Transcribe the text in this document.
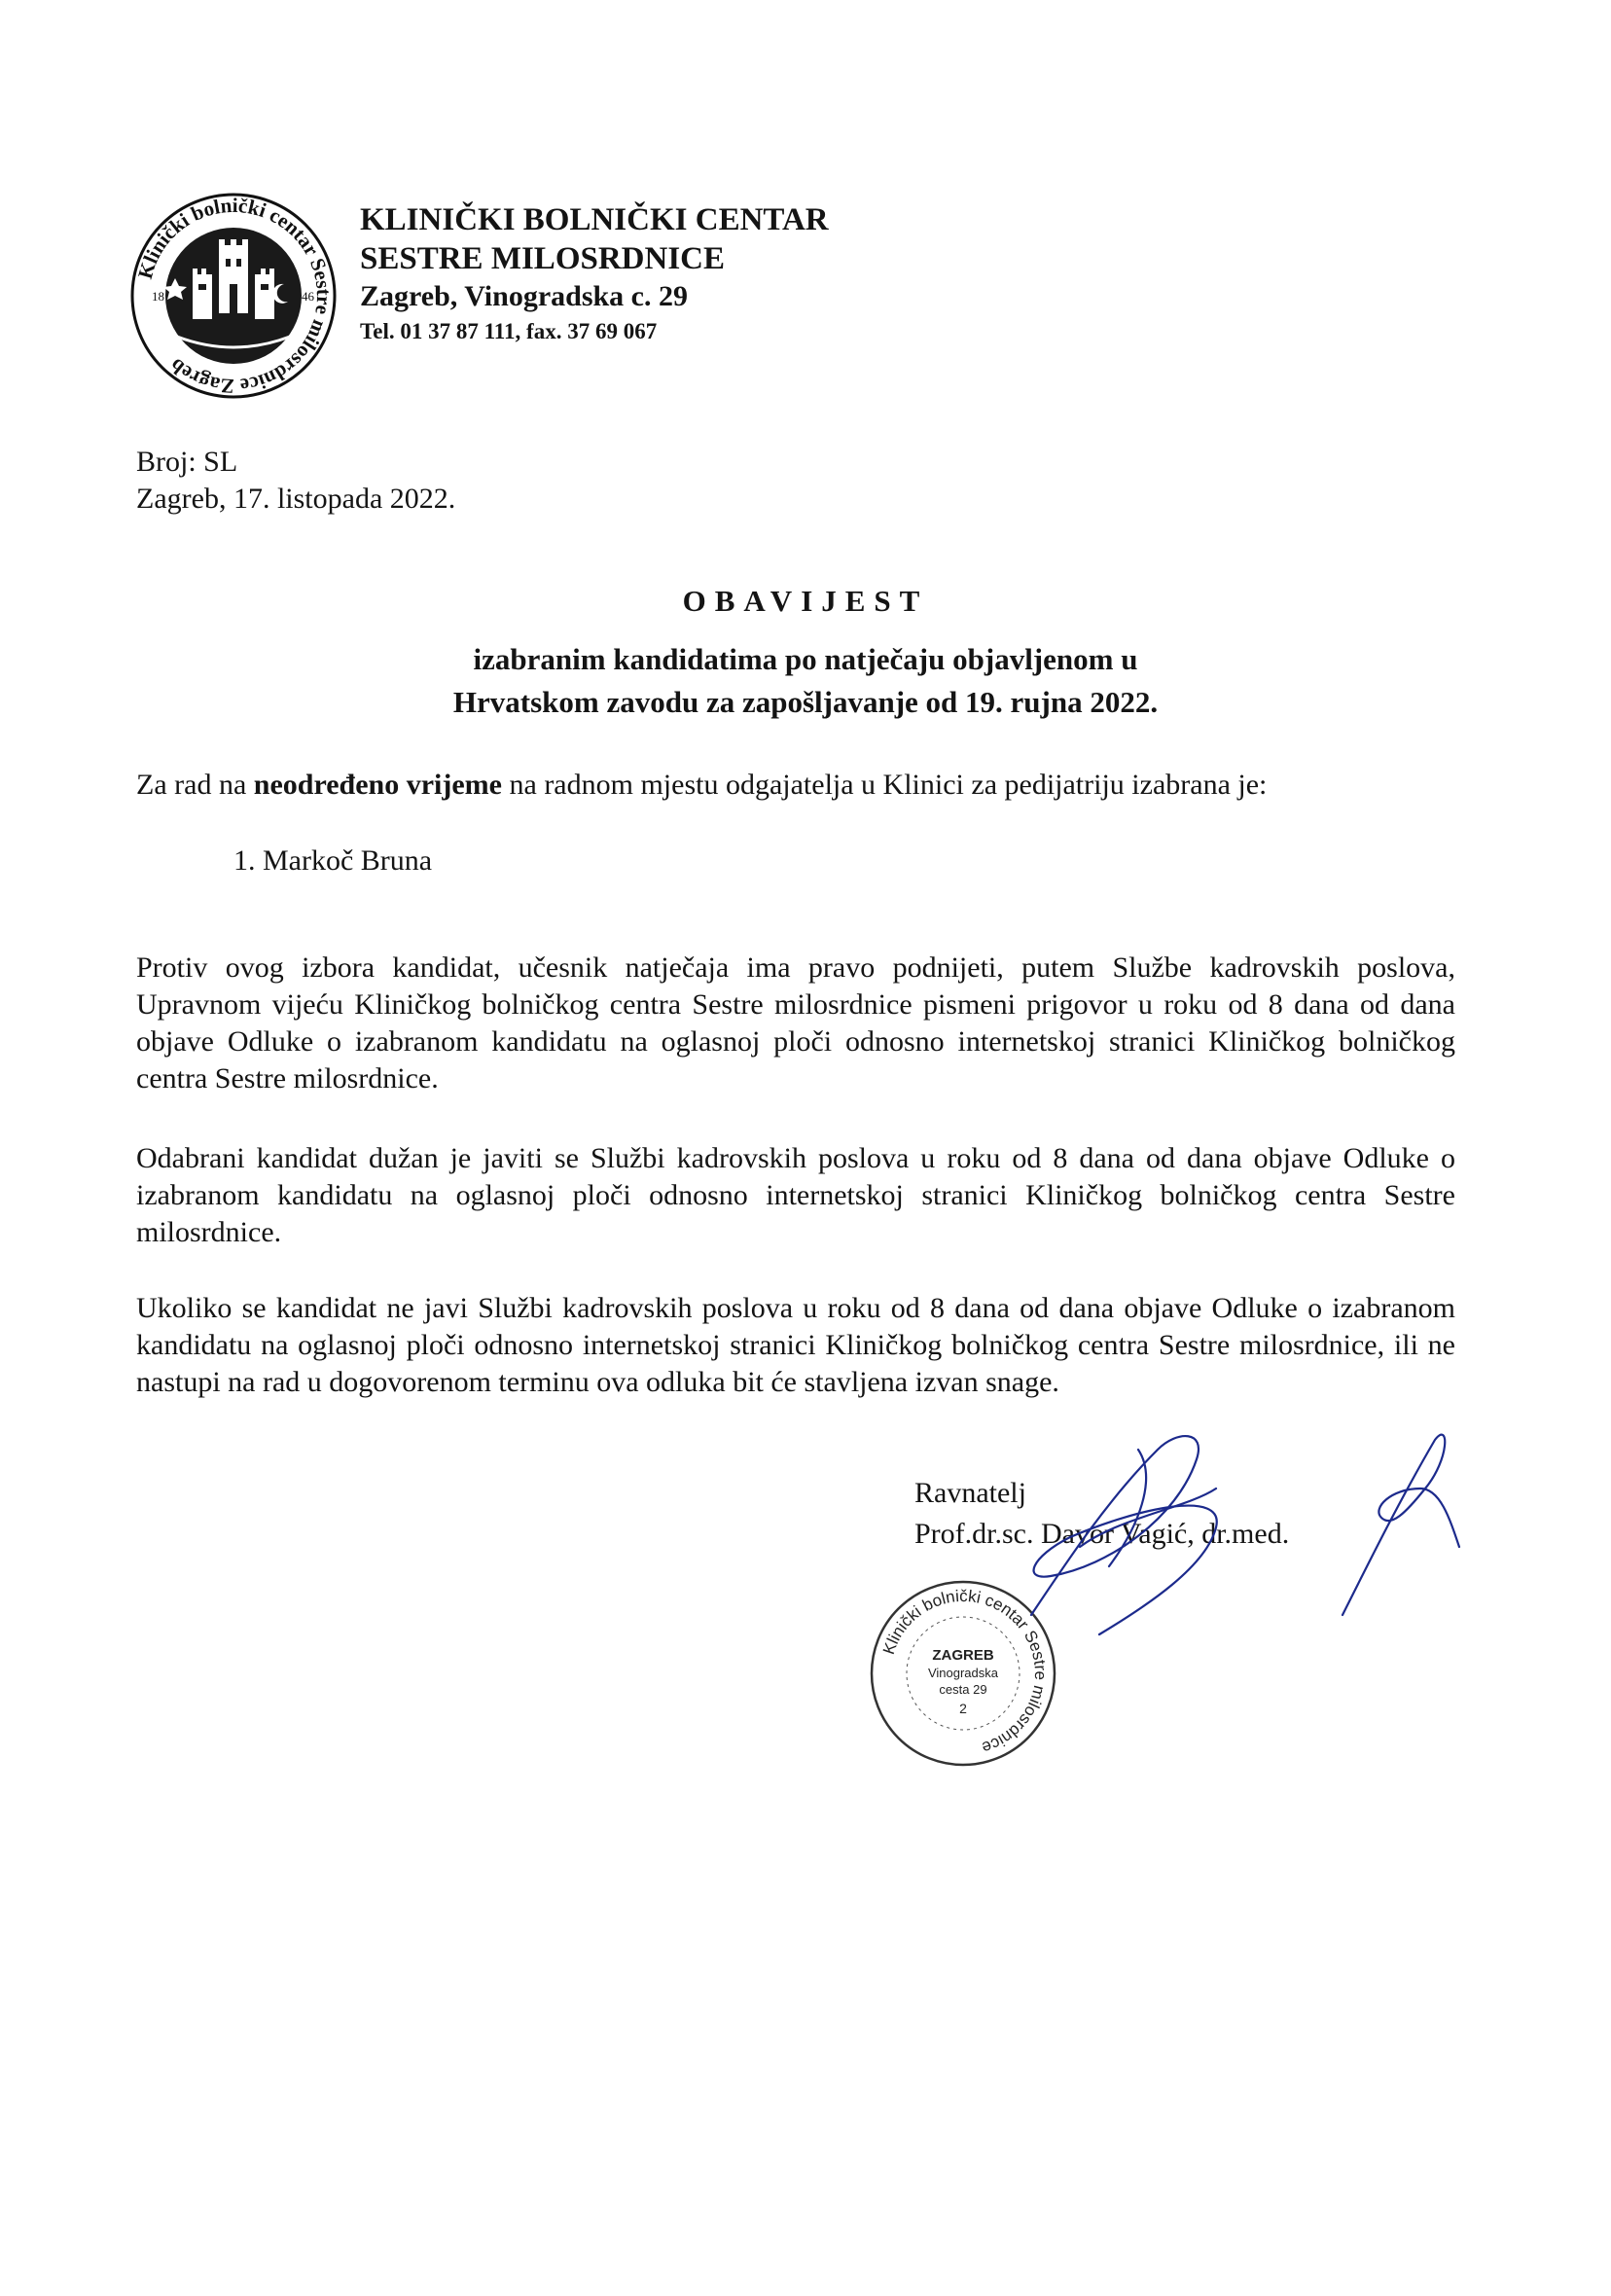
Klinički bolnički centar Sestre milosrdnice Zagreb
18	46
KLINIČKI BOLNIČKI CENTAR
SESTRE MILOSRDNICE
Zagreb, Vinogradska c. 29
Tel. 01 37 87 111, fax. 37 69 067
Broj: SL
Zagreb, 17. listopada 2022.
OBAVIJEST
izabranim kandidatima po natječaju objavljenom u
Hrvatskom zavodu za zapošljavanje od 19. rujna 2022.
Za rad na neodređeno vrijeme na radnom mjestu odgajatelja u Klinici za pedijatriju izabrana je:
1. Markoč Bruna
Protiv ovog izbora kandidat, učesnik natječaja ima pravo podnijeti, putem Službe kadrovskih poslova, Upravnom vijeću Kliničkog bolničkog centra Sestre milosrdnice pismeni prigovor u roku od 8 dana od dana objave Odluke o izabranom kandidatu na oglasnoj ploči odnosno internetskoj stranici Kliničkog bolničkog centra Sestre milosrdnice.
Odabrani kandidat dužan je javiti se Službi kadrovskih poslova u roku od 8 dana od dana objave Odluke o izabranom kandidatu na oglasnoj ploči odnosno internetskoj stranici Kliničkog bolničkog centra Sestre milosrdnice.
Ukoliko se kandidat ne javi Službi kadrovskih poslova u roku od 8 dana od dana objave Odluke o izabranom kandidatu na oglasnoj ploči odnosno internetskoj stranici Kliničkog bolničkog centra Sestre milosrdnice, ili ne nastupi na rad u dogovorenom terminu ova odluka bit će stavljena izvan snage.
Ravnatelj
Prof.dr.sc. Davor Vagić, dr.med.
Klinički bolnički centar Sestre milosrdnice
ZAGREB
Vinogradska
cesta 29
2
